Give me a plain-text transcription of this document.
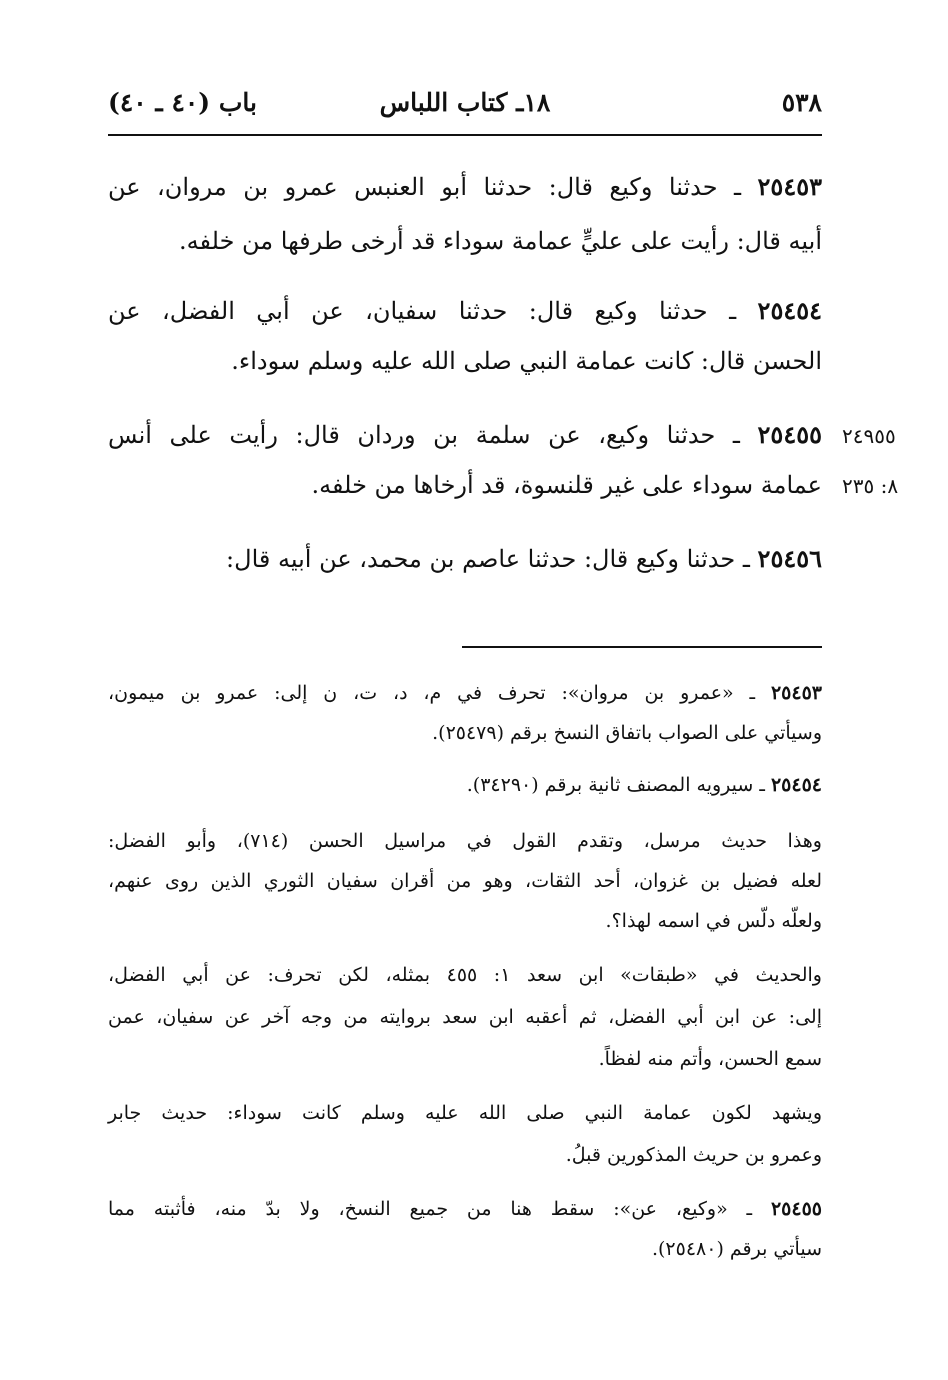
٥٣٨
١٨ـ كتاب اللباس
باب (٤٠ ـ ٤٠)
٢٥٤٥٣ ـ حدثنا وكيع قال: حدثنا أبو العنبس عمرو بن مروان، عن
أبيه قال: رأيت على عليٍّ عمامة سوداء قد أرخى طرفها من خلفه.
٢٥٤٥٤ ـ حدثنا وكيع قال: حدثنا سفيان، عن أبي الفضل، عن
الحسن قال: كانت عمامة النبي صلى الله عليه وسلم سوداء.
٢٥٤٥٥ ـ حدثنا وكيع، عن سلمة بن وردان قال: رأيت على أنس
عمامة سوداء على غير قلنسوة، قد أرخاها من خلفه.
٢٤٩٥٥
٨: ٢٣٥
٢٥٤٥٦ ـ حدثنا وكيع قال: حدثنا عاصم بن محمد، عن أبيه قال:
٢٥٤٥٣ ـ «عمرو بن مروان»: تحرف في م، د، ت، ن إلى: عمرو بن ميمون،
وسيأتي على الصواب باتفاق النسخ برقم (٢٥٤٧٩).
٢٥٤٥٤ ـ سيرويه المصنف ثانية برقم (٣٤٢٩٠).
وهذا حديث مرسل، وتقدم القول في مراسيل الحسن (٧١٤)، وأبو الفضل:
لعله فضيل بن غزوان، أحد الثقات، وهو من أقران سفيان الثوري الذين روى عنهم،
ولعلّه دلّس في اسمه لهذا؟.
والحديث في «طبقات» ابن سعد ١: ٤٥٥ بمثله، لكن تحرف: عن أبي الفضل،
إلى: عن ابن أبي الفضل، ثم أعقبه ابن سعد بروايته من وجه آخر عن سفيان، عمن
سمع الحسن، وأتم منه لفظاً.
ويشهد لكون عمامة النبي صلى الله عليه وسلم كانت سوداء: حديث جابر
وعمرو بن حريث المذكورين قبلُ.
٢٥٤٥٥ ـ «وكيع، عن»: سقط هنا من جميع النسخ، ولا بدّ منه، فأثبته مما
سيأتي برقم (٢٥٤٨٠).
